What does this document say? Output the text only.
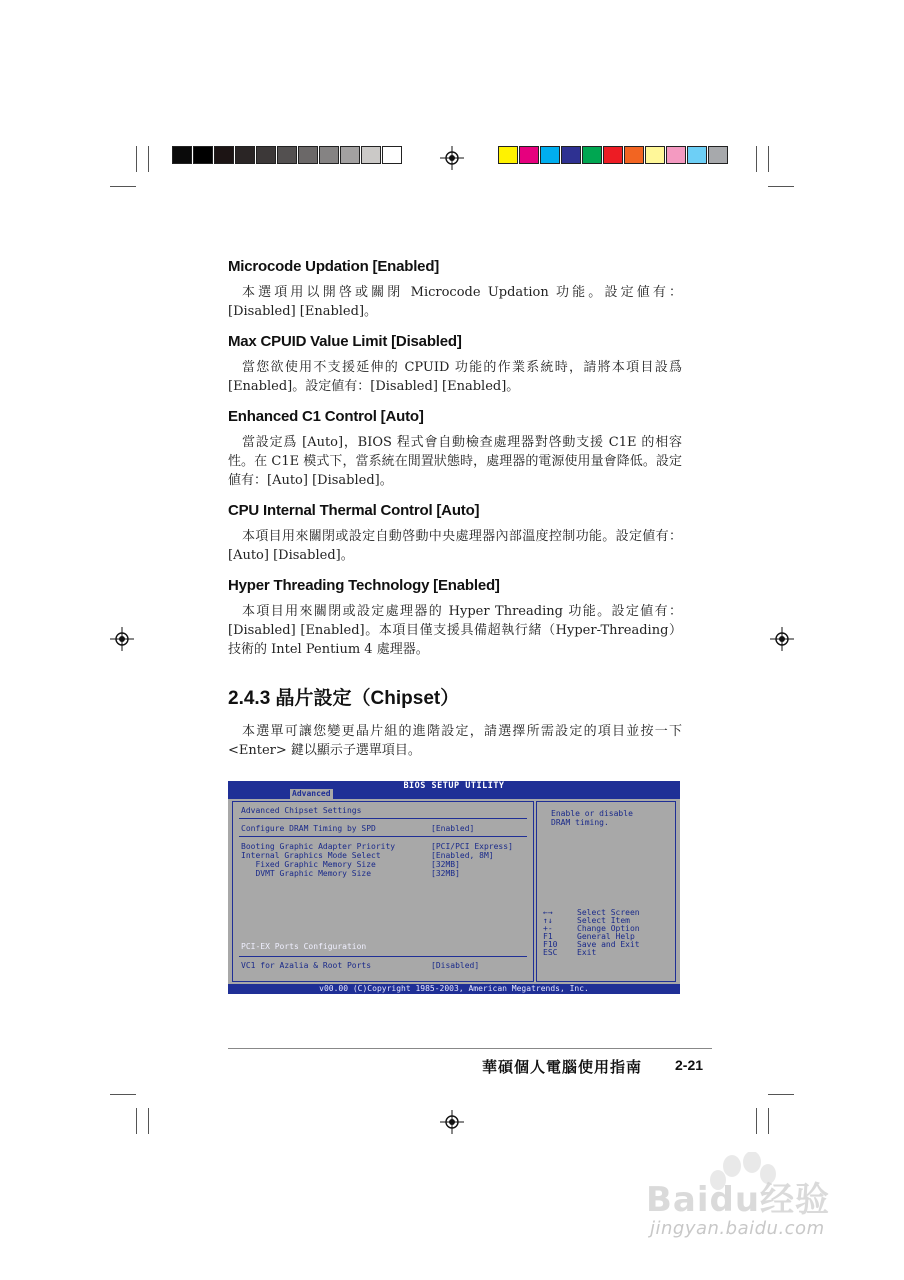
Microcode Updation [Enabled]

本選項用以開啓或關閉 Microcode Updation 功能。設定値有：[Disabled] [Enabled]。

Max CPUID Value Limit [Disabled]

當您欲使用不支援延伸的 CPUID 功能的作業系統時，請將本項目設爲 [Enabled]。設定値有：[Disabled] [Enabled]。

Enhanced C1 Control [Auto]

當設定爲 [Auto]，BIOS 程式會自動檢查處理器對啓動支援 C1E 的相容性。在 C1E 模式下，當系統在閒置狀態時，處理器的電源使用量會降低。設定値有：[Auto] [Disabled]。

CPU Internal Thermal Control [Auto]

本項目用來關閉或設定自動啓動中央處理器內部溫度控制功能。設定値有：[Auto] [Disabled]。

Hyper Threading Technology [Enabled]

本項目用來關閉或設定處理器的 Hyper Threading 功能。設定値有：[Disabled] [Enabled]。本項目僅支援具備超執行緒（Hyper-Threading）技術的 Intel Pentium 4 處理器。

2.4.3 晶片設定（Chipset）

本選單可讓您變更晶片組的進階設定，請選擇所需設定的項目並按一下<Enter> 鍵以顯示子選單項目。

BIOS SETUP UTILITY
Advanced
Advanced Chipset Settings
Configure DRAM Timing by SPD	[Enabled]
Booting Graphic Adapter Priority	[PCI/PCI Express]
Internal Graphics Mode Select	[Enabled, 8M]
Fixed Graphic Memory Size	[32MB]
DVMT Graphic Memory Size	[32MB]
PCI-EX Ports Configuration
VC1 for Azalia & Root Ports	[Disabled]
Enable or disable
DRAM timing.
←→	Select Screen
↑↓	Select Item
+-	Change Option
F1	General Help
F10 Save and Exit
ESC Exit
v00.00 (C)Copyright 1985-2003, American Megatrends, Inc.
華碩個人電腦使用指南 2-21
Baidu经验
jingyan.baidu.com
